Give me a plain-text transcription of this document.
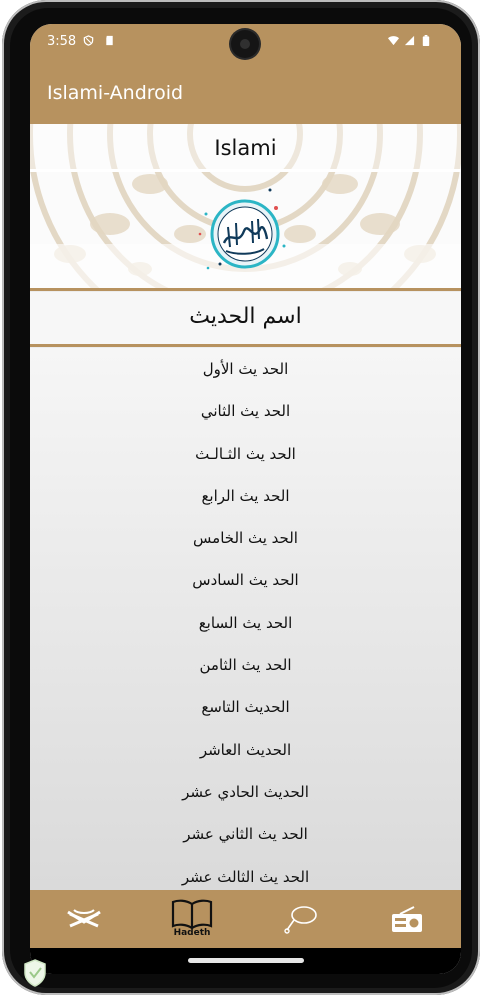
3:58
Islami-Android
Islami
اسم الحديث
الحد يث الأول
الحد يث الثاني
الحد يث الثـالـث
الحد يث الرابع
الحد يث الخامس
الحد يث السادس
الحد يث السابع
الحد يث الثامن
الحديث التاسع
الحديث العاشر
الحديث الحادي عشر
الحد يث الثاني عشر
الحد يث الثالث عشر
Hadeth
